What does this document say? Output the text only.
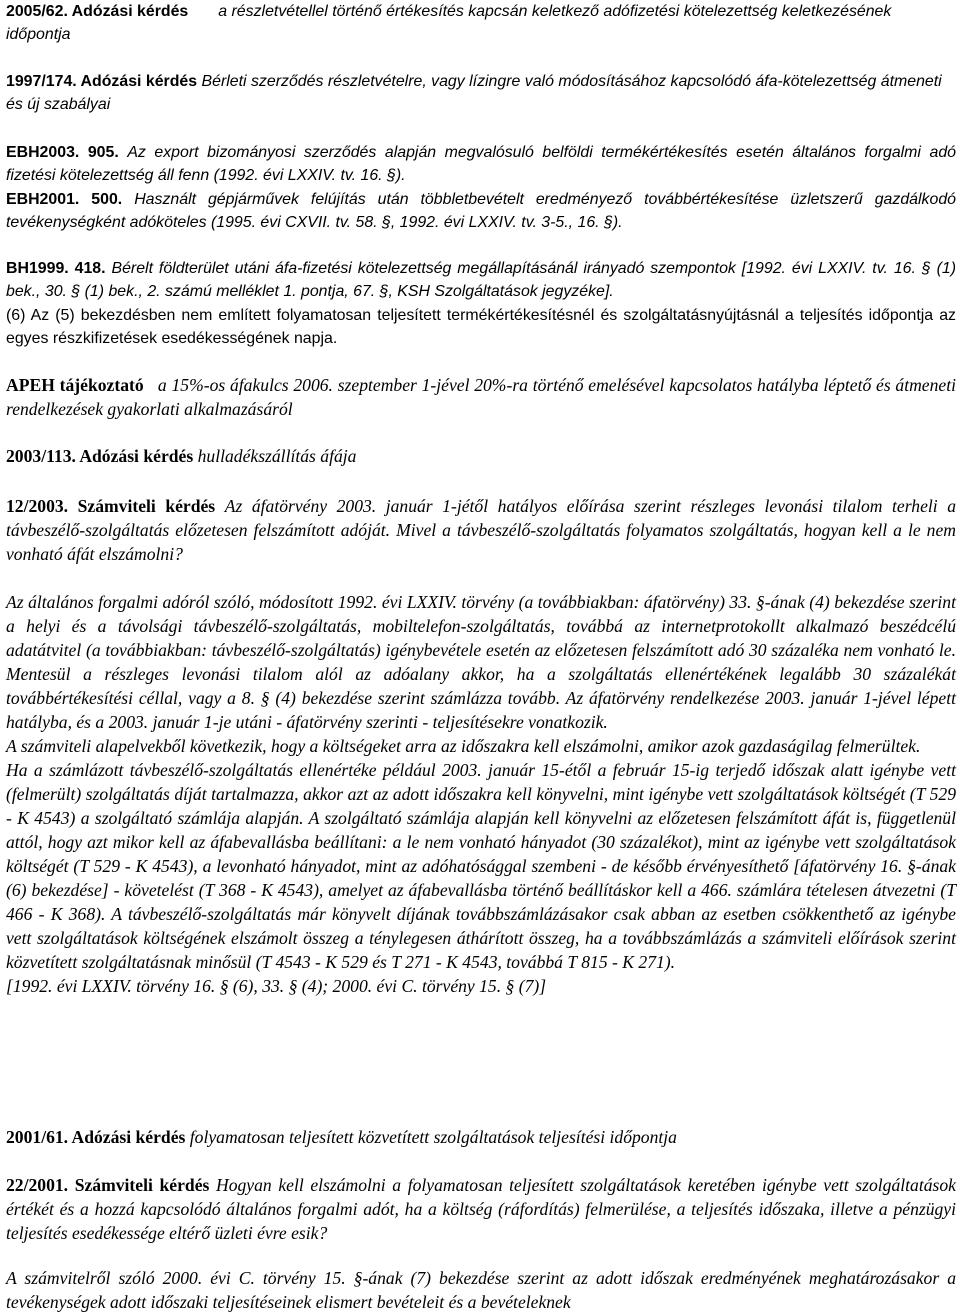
2005/62. Adózási kérdés a részletvétellel történő értékesítés kapcsán keletkező adófizetési kötelezettség keletkezésének időpontja

1997/174. Adózási kérdés Bérleti szerződés részletvételre, vagy lízingre való módosításához kapcsolódó áfa-kötelezettség átmeneti és új szabályai

EBH2003. 905. Az export bizományosi szerződés alapján megvalósuló belföldi termékértékesítés esetén általános forgalmi adó fizetési kötelezettség áll fenn (1992. évi LXXIV. tv. 16. §).

EBH2001. 500. Használt gépjárművek felújítás után többletbevételt eredményező továbbértékesítése üzletszerű gazdálkodó tevékenységként adóköteles (1995. évi CXVII. tv. 58. §, 1992. évi LXXIV. tv. 3-5., 16. §).

BH1999. 418. Bérelt földterület utáni áfa-fizetési kötelezettség megállapításánál irányadó szempontok [1992. évi LXXIV. tv. 16. § (1) bek., 30. § (1) bek., 2. számú melléklet 1. pontja, 67. §, KSH Szolgáltatások jegyzéke].

(6) Az (5) bekezdésben nem említett folyamatosan teljesített termékértékesítésnél és szolgáltatásnyújtásnál a teljesítés időpontja az egyes részkifizetések esedékességének napja.

APEH tájékoztató a 15%-os áfakulcs 2006. szeptember 1-jével 20%-ra történő emelésével kapcsolatos hatályba léptető és átmeneti rendelkezések gyakorlati alkalmazásáról

2003/113. Adózási kérdés hulladékszállítás áfája

12/2003. Számviteli kérdés Az áfatörvény 2003. január 1-jétől hatályos előírása szerint részleges levonási tilalom terheli a távbeszélő-szolgáltatás előzetesen felszámított adóját. Mivel a távbeszélő-szolgáltatás folyamatos szolgáltatás, hogyan kell a le nem vonható áfát elszámolni?

Az általános forgalmi adóról szóló, módosított 1992. évi LXXIV. törvény (a továbbiakban: áfatörvény) 33. §-ának (4) bekezdése szerint a helyi és a távolsági távbeszélő-szolgáltatás, mobiltelefon-szolgáltatás, továbbá az internetprotokollt alkalmazó beszédcélú adatátvitel (a továbbiakban: távbeszélő-szolgáltatás) igénybevétele esetén az előzetesen felszámított adó 30 százaléka nem vonható le. Mentesül a részleges levonási tilalom alól az adóalany akkor, ha a szolgáltatás ellenértékének legalább 30 százalékát továbbértékesítési céllal, vagy a 8. § (4) bekezdése szerint számlázza tovább. Az áfatörvény rendelkezése 2003. január 1-jével lépett hatályba, és a 2003. január 1-je utáni - áfatörvény szerinti - teljesítésekre vonatkozik.
A számviteli alapelvekből következik, hogy a költségeket arra az időszakra kell elszámolni, amikor azok gazdaságilag felmerültek.
Ha a számlázott távbeszélő-szolgáltatás ellenértéke például 2003. január 15-étől a február 15-ig terjedő időszak alatt igénybe vett (felmerült) szolgáltatás díját tartalmazza, akkor azt az adott időszakra kell könyvelni, mint igénybe vett szolgáltatások költségét (T 529 - K 4543) a szolgáltató számlája alapján. A szolgáltató számlája alapján kell könyvelni az előzetesen felszámított áfát is, függetlenül attól, hogy azt mikor kell az áfabevallásba beállítani: a le nem vonható hányadot (30 százalékot), mint az igénybe vett szolgáltatások költségét (T 529 - K 4543), a levonható hányadot, mint az adóhatósággal szembeni - de később érvényesíthető [áfatörvény 16. §-ának (6) bekezdése] - követelést (T 368 - K 4543), amelyet az áfabevallásba történő beállításkor kell a 466. számlára tételesen átvezetni (T 466 - K 368). A távbeszélő-szolgáltatás már könyvelt díjának továbbszámlázásakor csak abban az esetben csökkenthető az igénybe vett szolgáltatások költségének elszámolt összeg a ténylegesen áthárított összeg, ha a továbbszámlázás a számviteli előírások szerint közvetített szolgáltatásnak minősül (T 4543 - K 529 és T 271 - K 4543, továbbá T 815 - K 271).
[1992. évi LXXIV. törvény 16. § (6), 33. § (4); 2000. évi C. törvény 15. § (7)]

2001/61. Adózási kérdés folyamatosan teljesített közvetített szolgáltatások teljesítési időpontja

22/2001. Számviteli kérdés Hogyan kell elszámolni a folyamatosan teljesített szolgáltatások keretében igénybe vett szolgáltatások értékét és a hozzá kapcsolódó általános forgalmi adót, ha a költség (ráfordítás) felmerülése, a teljesítés időszaka, illetve a pénzügyi teljesítés esedékessége eltérő üzleti évre esik?

A számvitelről szóló 2000. évi C. törvény 15. §-ának (7) bekezdése szerint az adott időszak eredményének meghatározásakor a tevékenységek adott időszaki teljesítéseinek elismert bevételeit és a bevételeknek
